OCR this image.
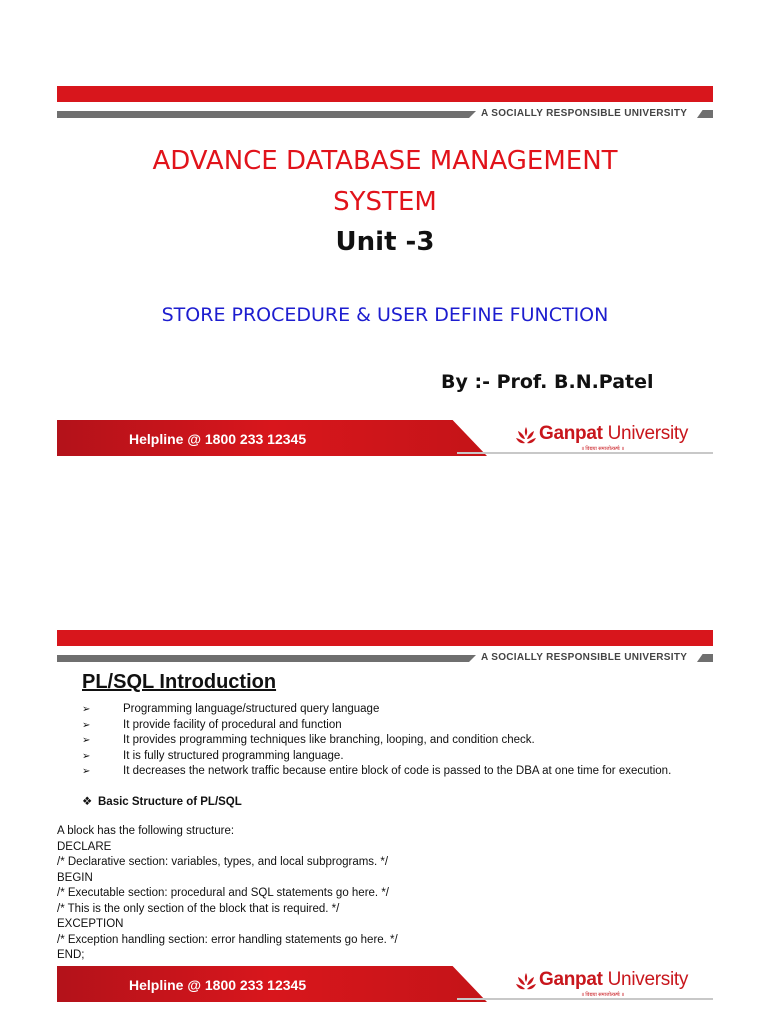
A SOCIALLY RESPONSIBLE UNIVERSITY
ADVANCE DATABASE MANAGEMENT
SYSTEM
Unit -3
STORE PROCEDURE & USER DEFINE FUNCTION
By :- Prof. B.N.Patel
Helpline @ 1800 233 12345	Ganpat University
॥ विद्यया समाजोत्कर्षः ॥
A SOCIALLY RESPONSIBLE UNIVERSITY
PL/SQL Introduction
➢	Programming language/structured query language
➢	It provide facility of procedural and function
➢	It provides programming techniques like branching, looping, and condition check.
➢	It is fully structured programming language.
➢	It decreases the network traffic because entire block of code is passed to the DBA at one time for execution.
❖ Basic Structure of PL/SQL
A block has the following structure:
DECLARE
/* Declarative section: variables, types, and local subprograms. */
BEGIN
/* Executable section: procedural and SQL statements go here. */
/* This is the only section of the block that is required. */
EXCEPTION
/* Exception handling section: error handling statements go here. */
END;
Helpline @ 1800 233 12345	Ganpat University
॥ विद्यया समाजोत्कर्षः ॥
